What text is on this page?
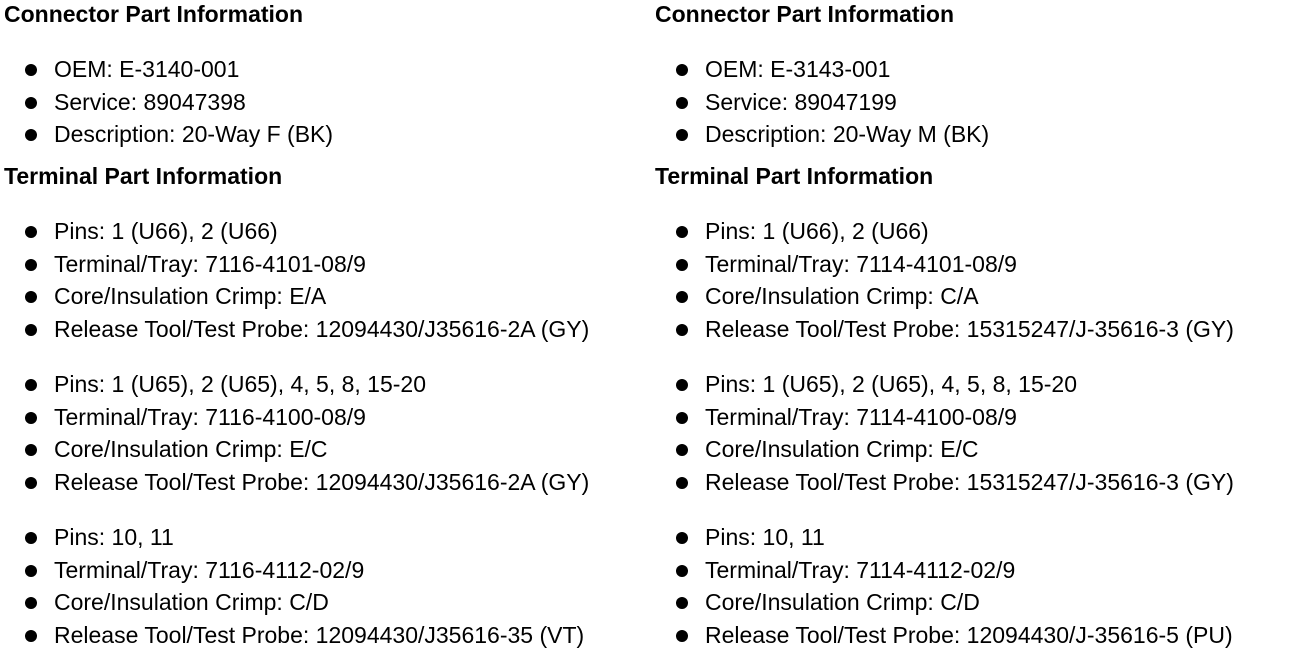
Connector Part Information
OEM: E-3140-001
Service: 89047398
Description: 20-Way F (BK)
Terminal Part Information
Pins: 1 (U66), 2 (U66)
Terminal/Tray: 7116-4101-08/9
Core/Insulation Crimp: E/A
Release Tool/Test Probe: 12094430/J35616-2A (GY)
Pins: 1 (U65), 2 (U65), 4, 5, 8, 15-20
Terminal/Tray: 7116-4100-08/9
Core/Insulation Crimp: E/C
Release Tool/Test Probe: 12094430/J35616-2A (GY)
Pins: 10, 11
Terminal/Tray: 7116-4112-02/9
Core/Insulation Crimp: C/D
Release Tool/Test Probe: 12094430/J35616-35 (VT)
Connector Part Information
OEM: E-3143-001
Service: 89047199
Description: 20-Way M (BK)
Terminal Part Information
Pins: 1 (U66), 2 (U66)
Terminal/Tray: 7114-4101-08/9
Core/Insulation Crimp: C/A
Release Tool/Test Probe: 15315247/J-35616-3 (GY)
Pins: 1 (U65), 2 (U65), 4, 5, 8, 15-20
Terminal/Tray: 7114-4100-08/9
Core/Insulation Crimp: E/C
Release Tool/Test Probe: 15315247/J-35616-3 (GY)
Pins: 10, 11
Terminal/Tray: 7114-4112-02/9
Core/Insulation Crimp: C/D
Release Tool/Test Probe: 12094430/J-35616-5 (PU)
